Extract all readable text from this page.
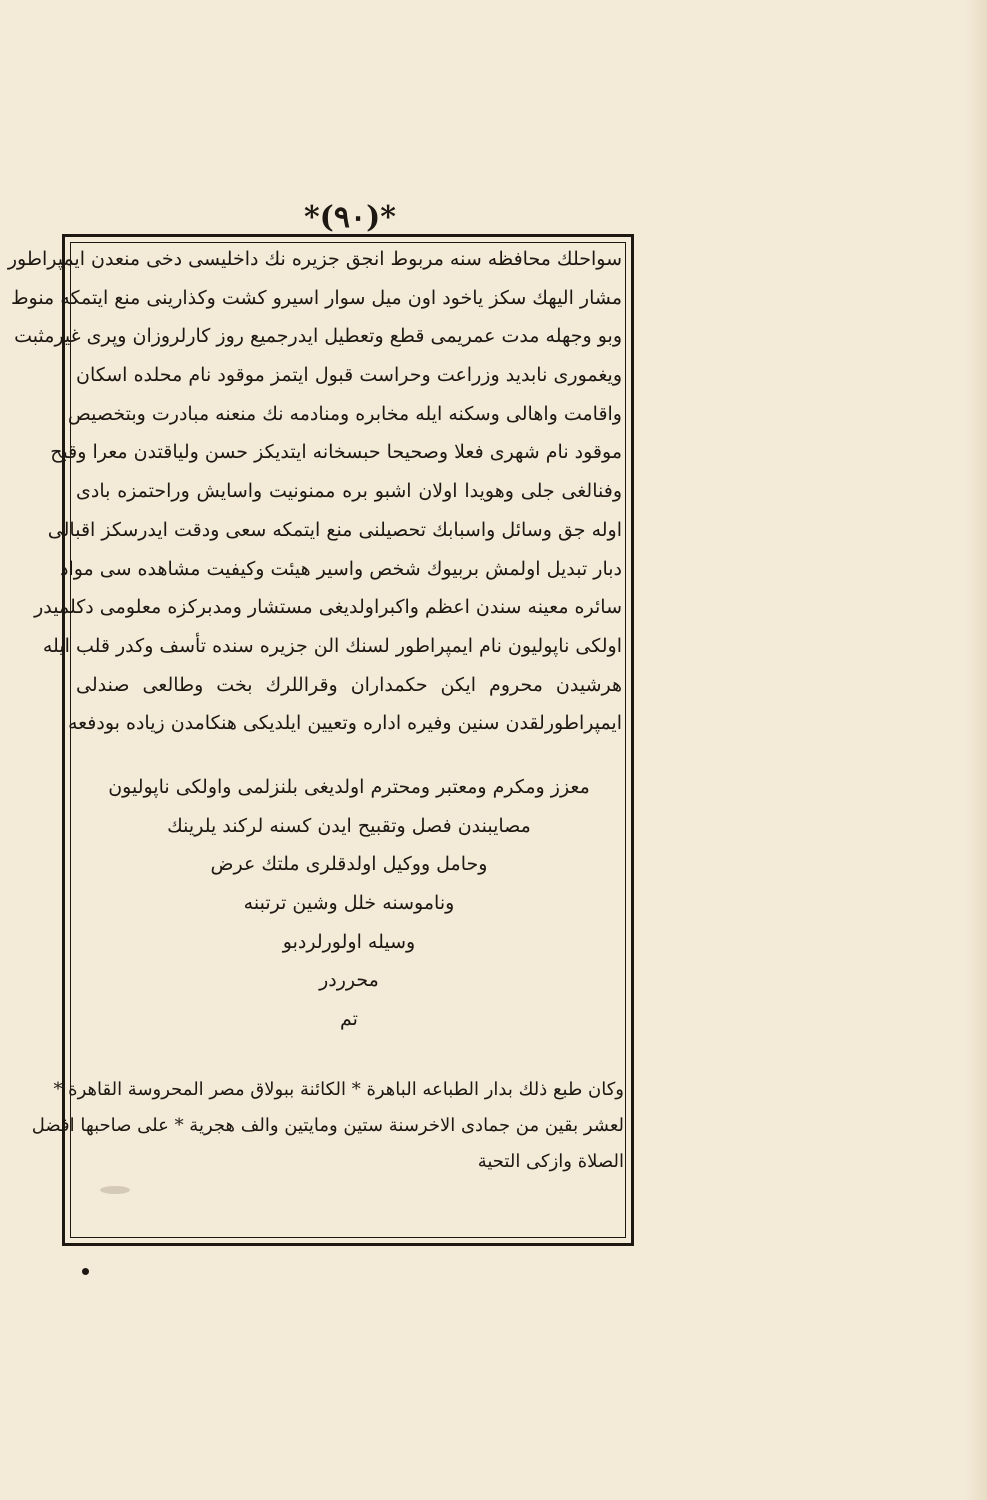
*(٩٠)*
سواحلك محافظه سنه مربوط انجق جزيره نك داخليسى دخى منعدن ايمپراطور
مشار اليهك سكز ياخود اون ميل سوار اسيرو كشت وكذارينى منع ايتمكه منوط
وبو وجهله مدت عمريمى قطع وتعطيل ايدرجميع روز كارلروزان وپرى غيرمثبت
ويغمورى نابديد وزراعت وحراست قبول ايتمز موقود نام محلده اسكان
واقامت واهالى وسكنه ايله مخابره ومنادمه نك منعنه مبادرت وبتخصيص
موقود نام شهرى فعلا وصحيحا حبسخانه ايتديكز حسن ولياقتدن معرا وقبح
وفنالغى جلى وهويدا اولان اشبو بره ممنونيت واسايش وراحتمزه بادى
اوله جق وسائل واسبابك تحصيلنى منع ايتمكه سعى ودقت ايدرسكز اقبالى
دبار تبديل اولمش بربيوك شخص واسير هيئت وكيفيت مشاهده سى مواد
سائره معينه سندن اعظم واكبراولديغى مستشار ومدبركزه معلومى دكلميدر
اولكى ناپوليون نام ايمپراطور لسنك الن جزيره سنده تأسف وكدر قلب ايله
هرشيدن محروم ايكن حكمداران وقراللرك بخت وطالعى صندلى
ايمپراطورلقدن سنين وفيره اداره وتعيين ايلديكى هنكامدن زياده بودفعه
معزز ومكرم ومعتبر ومحترم اولديغى بلنزلمى واولكى ناپوليون
مصايبندن فصل وتقبيح ايدن كسنه لركند يلرينك
وحامل ووكيل اولدقلرى ملتك عرض
وناموسنه خلل وشين ترتبنه
وسيله اولورلردبو
محرردر
تم
وكان طبع ذلك بدار الطباعه الباهرة * الكائنة ببولاق مصر المحروسة القاهرة *
لعشر بقين من جمادى الاخرسنة ستين ومايتين والف هجرية * على صاحبها افضل
الصلاة وازكى التحية
